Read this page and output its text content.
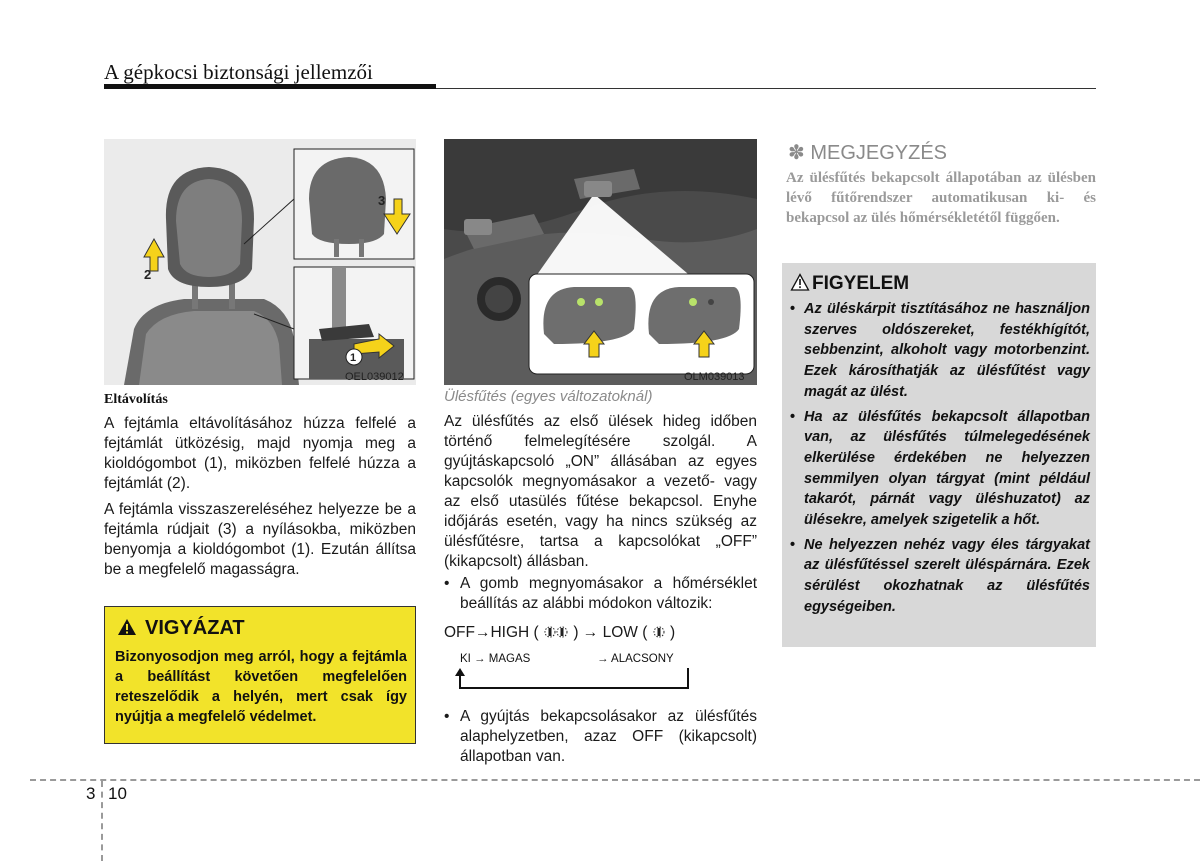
A gépkocsi biztonsági jellemzői
2
3
1
OEL039012	OLM039013
Eltávolítás

A fejtámla eltávolításához húzza felfelé a fejtámlát ütközésig, majd nyomja meg a kioldógombot (1), miközben felfelé húzza a fejtámlát (2).

A fejtámla visszaszereléséhez helyezze be a fejtámla rúdjait (3) a nyílásokba, miközben benyomja a kioldógombot (1). Ezután állítsa be a megfelelő magasságra.

VIGYÁZAT
Bizonyosodjon meg arról, hogy a fejtámla a beállítást követően megfelelően reteszelődik a helyén, mert csak így nyújtja a megfelelő védelmet.
Ülésfűtés (egyes változatoknál)

Az ülésfűtés az első ülések hideg időben történő felmelegítésére szolgál. A gyújtáskapcsoló „ON” állásában az egyes kapcsolók megnyomásakor a vezető- vagy az első utasülés fűtése bekapcsol. Enyhe időjárás esetén, vagy ha nincs szükség az ülésfűtésre, tartsa a kapcsolókat „OFF” (kikapcsolt) állásban.

• A gomb megnyomásakor a hőmérséklet beállítás az alábbi módokon változik:
OFF→HIGH ( ) → LOW ( )
KI → MAGAS	→ ALACSONY
• A gyújtás bekapcsolásakor az ülésfűtés alaphelyzetben, azaz OFF (kikapcsolt) állapotban van.
✽ MEGJEGYZÉS
Az ülésfűtés bekapcsolt állapotában az ülésben lévő fűtőrendszer automatikusan ki- és bekapcsol az ülés hőmérsékletétől függően.
FIGYELEM
• Az üléskárpit tisztításához ne használjon szerves oldószereket, festékhígítót, sebbenzint, alkoholt vagy motorbenzint. Ezek károsíthatják az ülésfűtést vagy magát az ülést.
• Ha az ülésfűtés bekapcsolt állapotban van, az ülésfűtés túlmelegedésének elkerülése érdekében ne helyezzen semmilyen olyan tárgyat (mint például takarót, párnát vagy üléshuzatot) az ülésekre, amelyek szigetelik a hőt.
• Ne helyezzen nehéz vagy éles tárgyakat az ülésfűtéssel szerelt üléspárnára. Ezek sérülést okozhatnak az ülésfűtés egységeiben.
3 10
